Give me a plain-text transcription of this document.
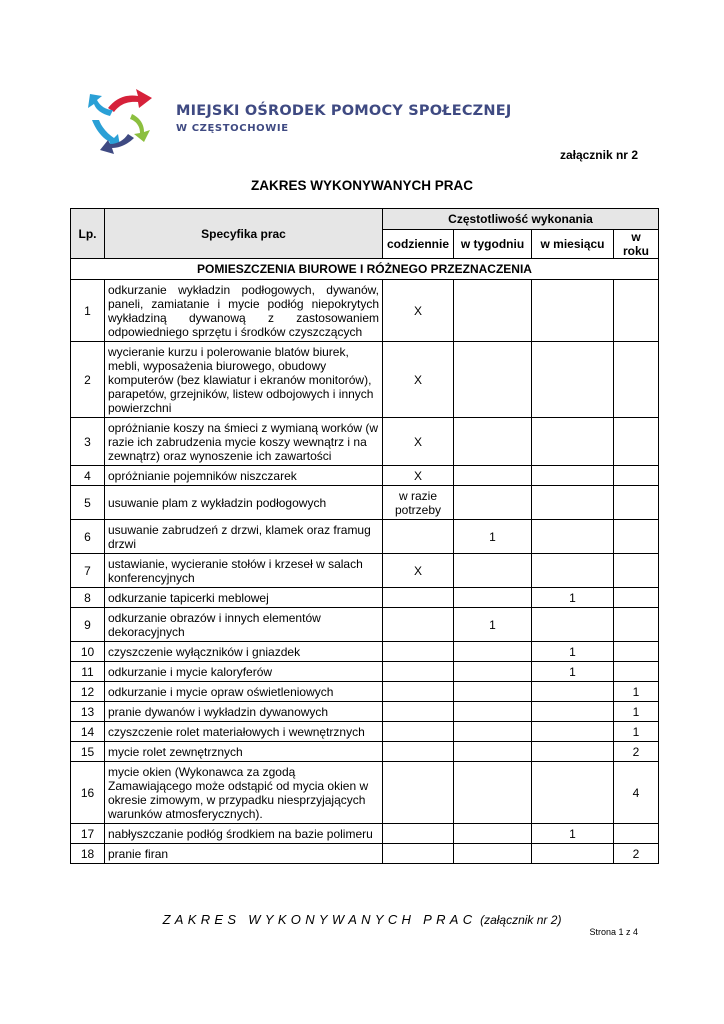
MIEJSKI OŚRODEK POMOCY SPOŁECZNEJ
W CZĘSTOCHOWIE
załącznik nr 2
ZAKRES WYKONYWANYCH PRAC
Lp.	Specyfika prac	Częstotliwość wykonania			
		codziennie	w tygodniu	w miesiącu	w roku
POMIESZCZENIA BIUROWE I RÓŻNEGO PRZEZNACZENIA					
1	odkurzanie wykładzin podłogowych, dywanów, paneli, zamiatanie i mycie podłóg niepokrytych wykładziną dywanową z zastosowaniem odpowiedniego sprzętu i środków czyszczących	X			
2	wycieranie kurzu i polerowanie blatów biurek, mebli, wyposażenia biurowego, obudowy komputerów (bez klawiatur i ekranów monitorów), parapetów, grzejników, listew odbojowych i innych powierzchni	X			
3	opróżnianie koszy na śmieci z wymianą worków (w razie ich zabrudzenia mycie koszy wewnątrz i na zewnątrz) oraz wynoszenie ich zawartości	X			
4	opróżnianie pojemników niszczarek	X			
5	usuwanie plam z wykładzin podłogowych	w razie potrzeby			
6	usuwanie zabrudzeń z drzwi, klamek oraz framug drzwi		1		
7	ustawianie, wycieranie stołów i krzeseł w salach konferencyjnych	X			
8	odkurzanie tapicerki meblowej			1	
9	odkurzanie obrazów i innych elementów dekoracyjnych		1		
10	czyszczenie wyłączników i gniazdek			1	
11	odkurzanie i mycie kaloryferów			1	
12	odkurzanie i mycie opraw oświetleniowych				1
13	pranie dywanów i wykładzin dywanowych				1
14	czyszczenie rolet materiałowych i wewnętrznych				1
15	mycie rolet zewnętrznych				2
16	mycie okien (Wykonawca za zgodą Zamawiającego może odstąpić od mycia okien w okresie zimowym, w przypadku niesprzyjających warunków atmosferycznych).				4
17	nabłyszczanie podłóg środkiem na bazie polimeru			1	
18	pranie firan				2
ZAKRES WYKONYWANYCH PRAC (załącznik nr 2)
Strona 1 z 4
